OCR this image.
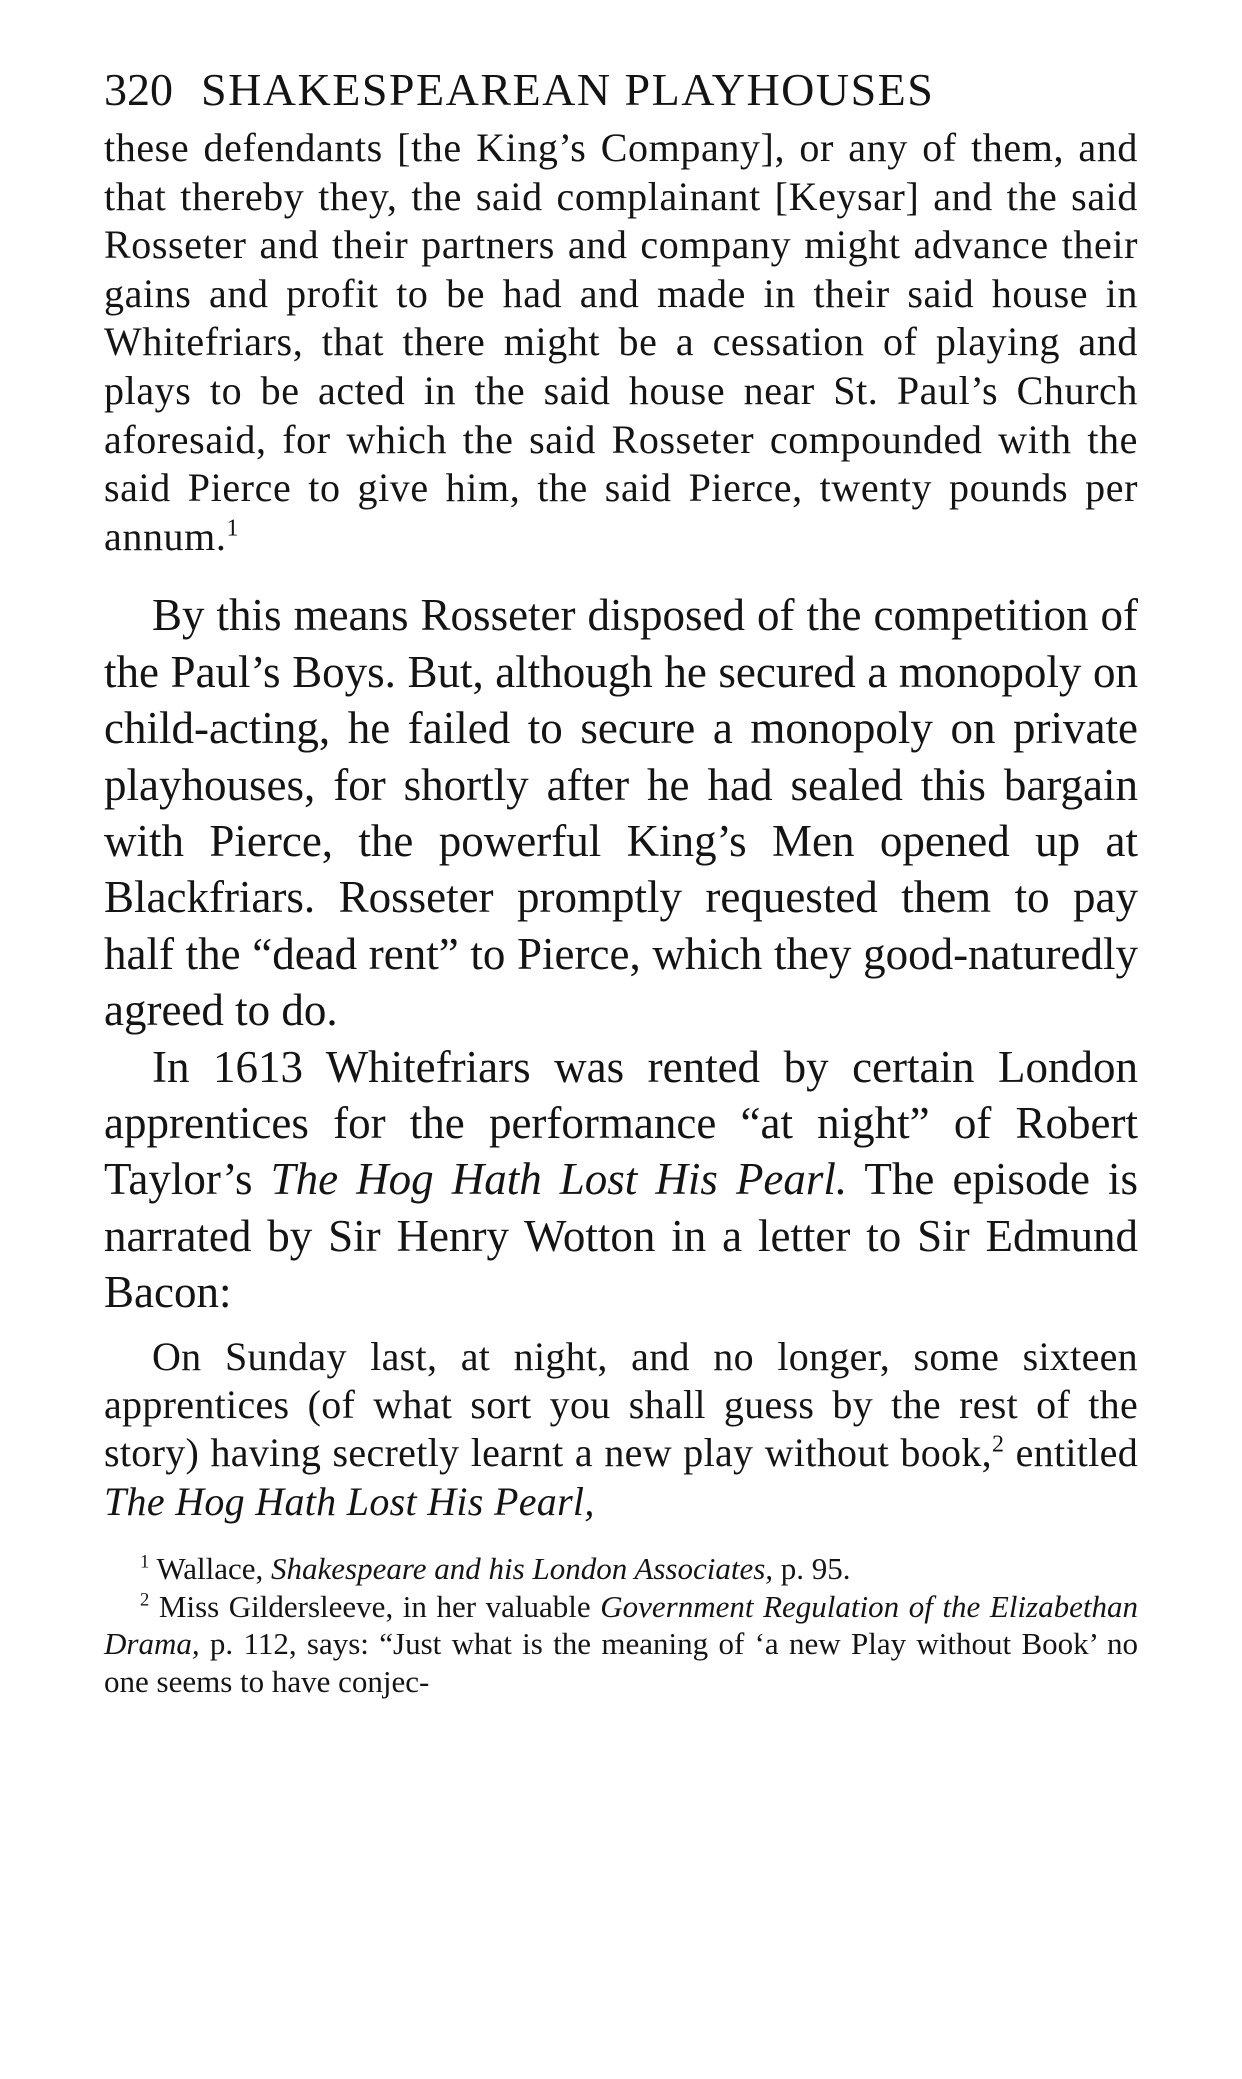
320 SHAKESPEAREAN PLAYHOUSES

these defendants [the King’s Company], or any of them, and that thereby they, the said complainant [Keysar] and the said Rosseter and their partners and company might advance their gains and profit to be had and made in their said house in Whitefriars, that there might be a cessation of playing and plays to be acted in the said house near St. Paul’s Church aforesaid, for which the said Rosseter compounded with the said Pierce to give him, the said Pierce, twenty pounds per annum.$^1$

By this means Rosseter disposed of the competition of the Paul’s Boys. But, although he secured a monopoly on child-acting, he failed to secure a monopoly on private playhouses, for shortly after he had sealed this bargain with Pierce, the powerful King’s Men opened up at Blackfriars. Rosseter promptly requested them to pay half the “dead rent” to Pierce, which they good-naturedly agreed to do.

In 1613 Whitefriars was rented by certain London apprentices for the performance “at night” of Robert Taylor’s The Hog Hath Lost His Pearl. The episode is narrated by Sir Henry Wotton in a letter to Sir Edmund Bacon:

On Sunday last, at night, and no longer, some sixteen apprentices (of what sort you shall guess by the rest of the story) having secretly learnt a new play without book,$^2$ entitled The Hog Hath Lost His Pearl,

$^1$ Wallace, Shakespeare and his London Associates, p. 95.

$^2$ Miss Gildersleeve, in her valuable Government Regulation of the Elizabethan Drama, p. 112, says: “Just what is the meaning of ‘a new Play without Book’ no one seems to have conjec-
